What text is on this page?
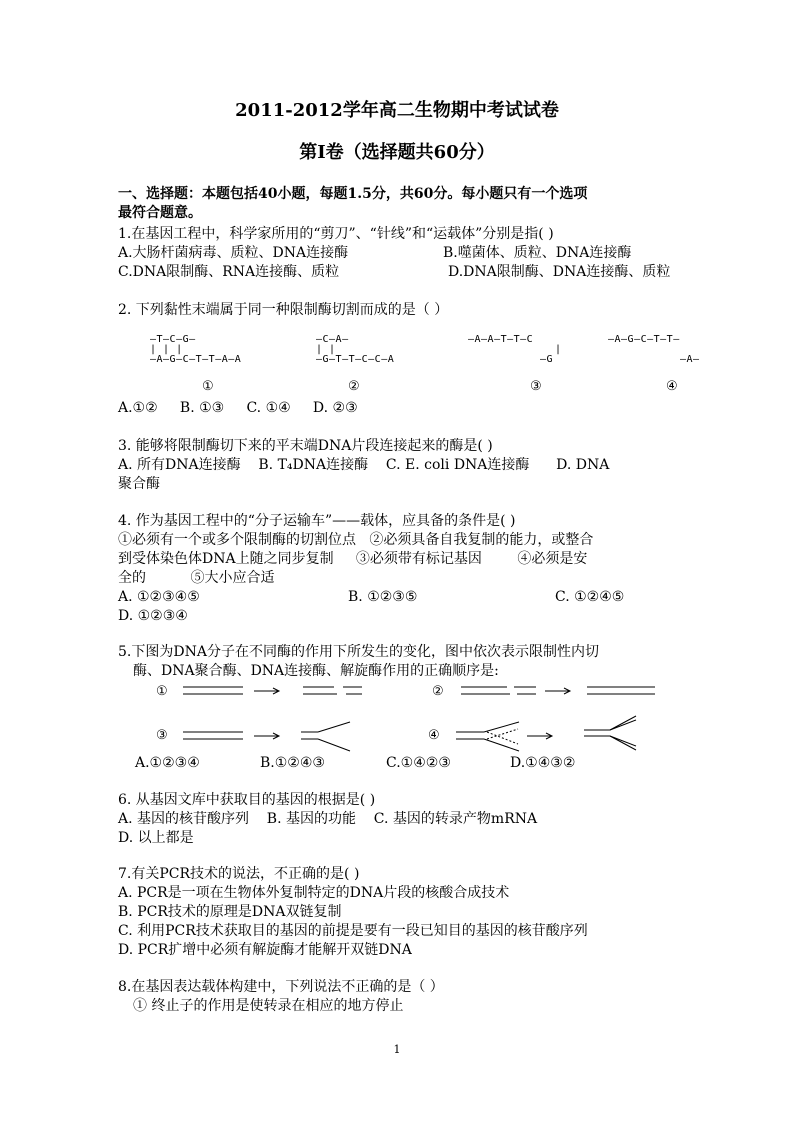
2011-2012学年高二生物期中考试试卷
第Ⅰ卷（选择题共60分）
一、选择题：本题包括40小题，每题1.5分，共60分。每小题只有一个选项
最符合题意。
1.在基因工程中，科学家所用的“剪刀”、“针线”和“运载体”分别是指( )
A.大肠杆菌病毒、质粒、DNA连接酶	B.噬菌体、质粒、DNA连接酶
C.DNA限制酶、RNA连接酶、质粒	D.DNA限制酶、DNA连接酶、质粒
2. 下列黏性末端属于同一种限制酶切割而成的是（ ）
—T—C—G—
| | |
—A—G—C—T—T—A—A
—C—A—
| |
—G—T—T—C—C—A
—A—A—T—T—C
|
—G
—A—G—C—T—T—
—A—
①	②	③	④
A.①②     B. ①③     C. ①④     D. ②③
3. 能够将限制酶切下来的平末端DNA片段连接起来的酶是( )
A. 所有DNA连接酶    B. T₄DNA连接酶    C. E. coli DNA连接酶      D. DNA
聚合酶
4. 作为基因工程中的“分子运输车”——载体，应具备的条件是( )
①必须有一个或多个限制酶的切割位点   ②必须具备自我复制的能力，或整合
到受体染色体DNA上随之同步复制     ③必须带有标记基因        ④必须是安
全的          ⑤大小应合适
A. ①②③④⑤	B. ①②③⑤	C. ①②④⑤
D. ①②③④
5.下图为DNA分子在不同酶的作用下所发生的变化，图中依次表示限制性内切
酶、DNA聚合酶、DNA连接酶、解旋酶作用的正确顺序是:
①	②
③	④
A.①②③④	B.①②④③	C.①④②③	D.①④③②
6. 从基因文库中获取目的基因的根据是( )
A. 基因的核苷酸序列    B. 基因的功能    C. 基因的转录产物mRNA
D. 以上都是
7.有关PCR技术的说法，不正确的是( )
A. PCR是一项在生物体外复制特定的DNA片段的核酸合成技术
B. PCR技术的原理是DNA双链复制
C. 利用PCR技术获取目的基因的前提是要有一段已知目的基因的核苷酸序列
D. PCR扩增中必须有解旋酶才能解开双链DNA
8.在基因表达载体构建中，下列说法不正确的是（ ）
① 终止子的作用是使转录在相应的地方停止
1
